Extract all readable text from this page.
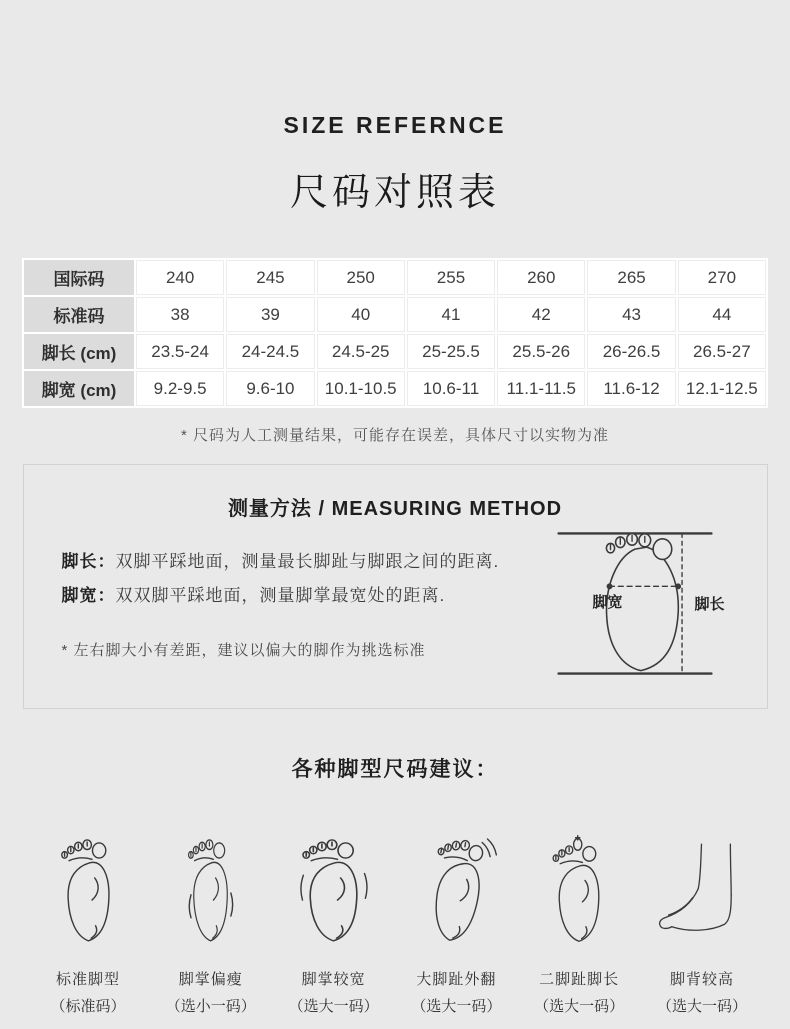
SIZE REFERNCE
尺码对照表
国际码	240	245	250	255	260	265	270
标准码	38	39	40	41	42	43	44
脚长 (cm)	23.5-24	24-24.5	24.5-25	25-25.5	25.5-26	26-26.5	26.5-27
脚宽 (cm)	9.2-9.5	9.6-10	10.1-10.5	10.6-11	11.1-11.5	11.6-12	12.1-12.5
* 尺码为人工测量结果，可能存在误差，具体尺寸以实物为准
测量方法 / MEASURING METHOD
脚长：双脚平踩地面，测量最长脚趾与脚跟之间的距离.
脚宽：双双脚平踩地面，测量脚掌最宽处的距离.
* 左右脚大小有差距，建议以偏大的脚作为挑选标准
脚宽	脚长
各种脚型尺码建议：
标准脚型
（标准码）
脚掌偏瘦
（选小一码）
脚掌较宽
（选大一码）
大脚趾外翻
（选大一码）
二脚趾脚长
（选大一码）
脚背较高
（选大一码）
